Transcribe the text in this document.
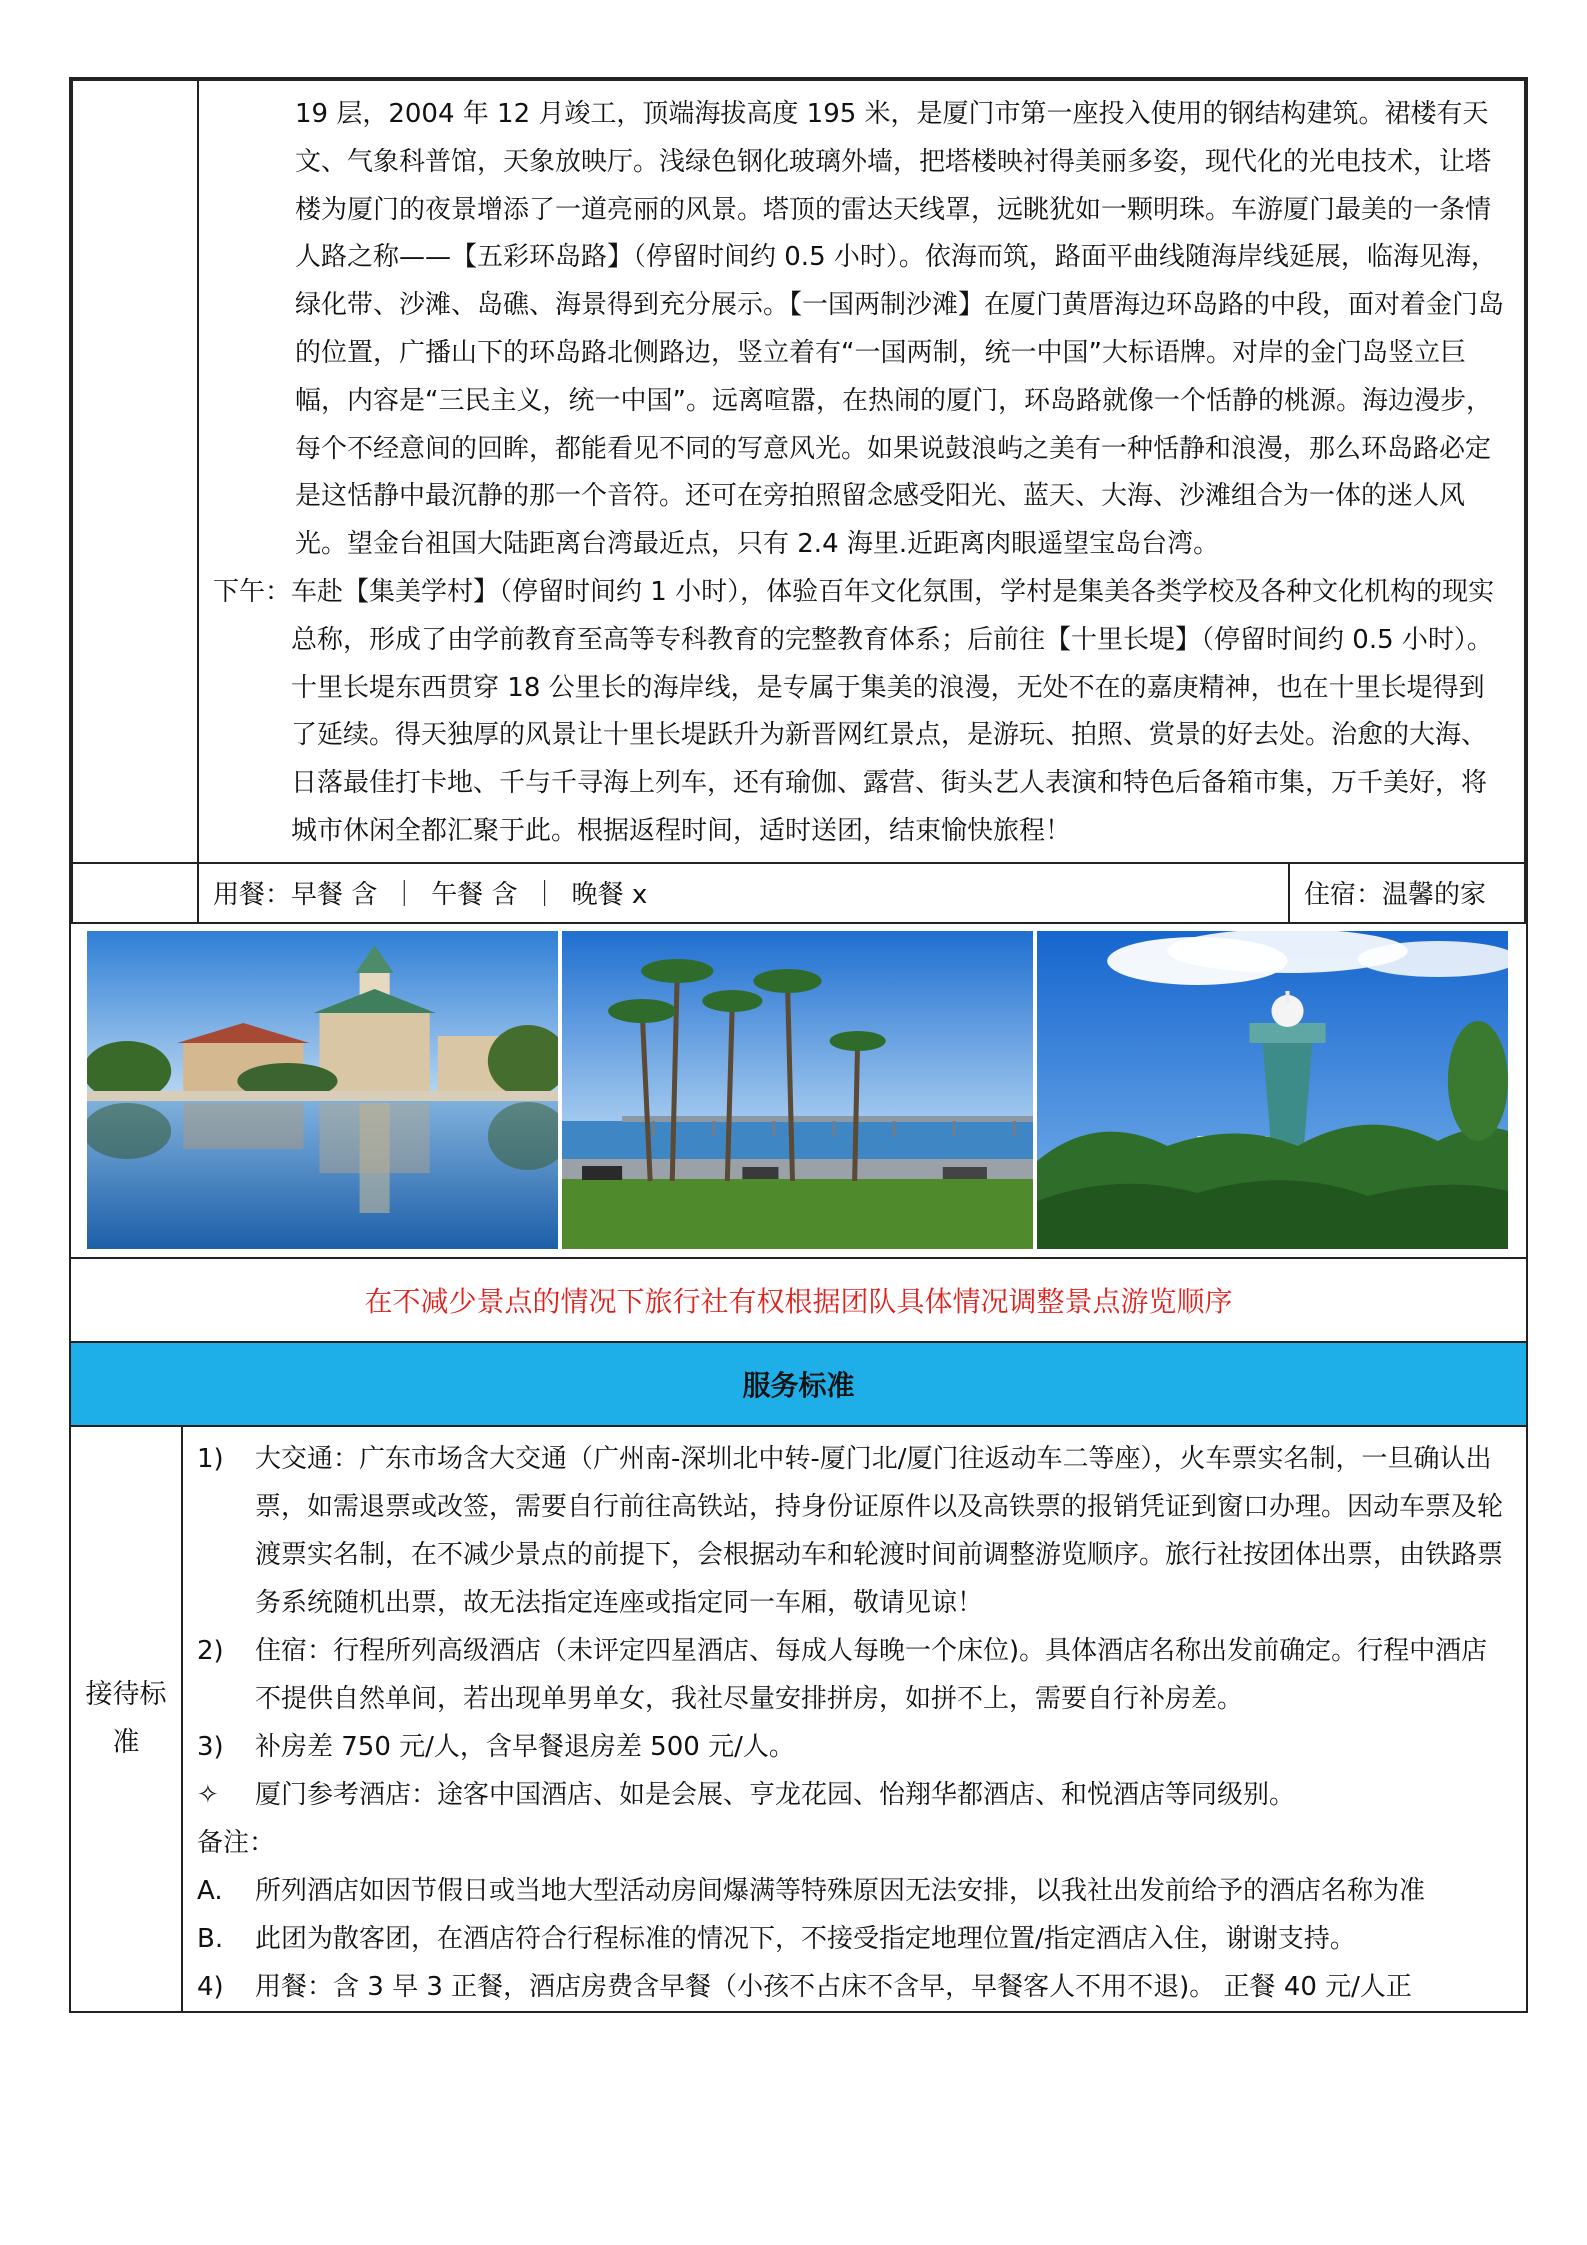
	19 层，2004 年 12 月竣工，顶端海拔高度 195 米，是厦门市第一座投入使用的钢结构建筑。裙楼有天文、气象科普馆，天象放映厅。浅绿色钢化玻璃外墙，把塔楼映衬得美丽多姿，现代化的光电技术，让塔楼为厦门的夜景增添了一道亮丽的风景。塔顶的雷达天线罩，远眺犹如一颗明珠。车游厦门最美的一条情人路之称——【五彩环岛路】（停留时间约 0.5 小时）。依海而筑，路面平曲线随海岸线延展，临海见海，绿化带、沙滩、岛礁、海景得到充分展示。【一国两制沙滩】在厦门黄厝海边环岛路的中段，面对着金门岛的位置，广播山下的环岛路北侧路边，竖立着有“一国两制，统一中国”大标语牌。对岸的金门岛竖立巨幅，内容是“三民主义，统一中国”。远离喧嚣，在热闹的厦门，环岛路就像一个恬静的桃源。海边漫步，每个不经意间的回眸，都能看见不同的写意风光。如果说鼓浪屿之美有一种恬静和浪漫，那么环岛路必定是这恬静中最沉静的那一个音符。还可在旁拍照留念感受阳光、蓝天、大海、沙滩组合为一体的迷人风光。望金台祖国大陆距离台湾最近点，只有 2.4 海里.近距离肉眼遥望宝岛台湾。

下午： 车赴【集美学村】（停留时间约 1 小时），体验百年文化氛围，学村是集美各类学校及各种文化机构的现实总称，形成了由学前教育至高等专科教育的完整教育体系；后前往【十里长堤】（停留时间约 0.5 小时）。十里长堤东西贯穿 18 公里长的海岸线，是专属于集美的浪漫，无处不在的嘉庚精神，也在十里长堤得到了延续。得天独厚的风景让十里长堤跃升为新晋网红景点，是游玩、拍照、赏景的好去处。治愈的大海、日落最佳打卡地、千与千寻海上列车，还有瑜伽、露营、街头艺人表演和特色后备箱市集，万千美好，将城市休闲全都汇聚于此。根据返程时间，适时送团，结束愉快旅程！	

	用餐：早餐 含 ｜ 午餐 含 ｜ 晚餐 x	住宿：温馨的家
在不减少景点的情况下旅行社有权根据团队具体情况调整景点游览顺序
服务标准
接待标准	
1)	大交通：广东市场含大交通（广州南-深圳北中转-厦门北/厦门往返动车二等座），火车票实名制，一旦确认出票，如需退票或改签，需要自行前往高铁站，持身份证原件以及高铁票的报销凭证到窗口办理。因动车票及轮渡票实名制，在不减少景点的前提下，会根据动车和轮渡时间前调整游览顺序。旅行社按团体出票，由铁路票务系统随机出票，故无法指定连座或指定同一车厢，敬请见谅！
2)	住宿：行程所列高级酒店（未评定四星酒店、每成人每晚一个床位)。具体酒店名称出发前确定。行程中酒店不提供自然单间，若出现单男单女，我社尽量安排拼房，如拼不上，需要自行补房差。
3)	补房差 750 元/人，含早餐退房差 500 元/人。
✧	厦门参考酒店：途客中国酒店、如是会展、亨龙花园、怡翔华都酒店、和悦酒店等同级别。
备注：
A.	所列酒店如因节假日或当地大型活动房间爆满等特殊原因无法安排，以我社出发前给予的酒店名称为准
B.	此团为散客团，在酒店符合行程标准的情况下，不接受指定地理位置/指定酒店入住，谢谢支持。
4)	用餐：含 3 早 3 正餐，酒店房费含早餐（小孩不占床不含早，早餐客人不用不退)。 正餐 40 元/人正
